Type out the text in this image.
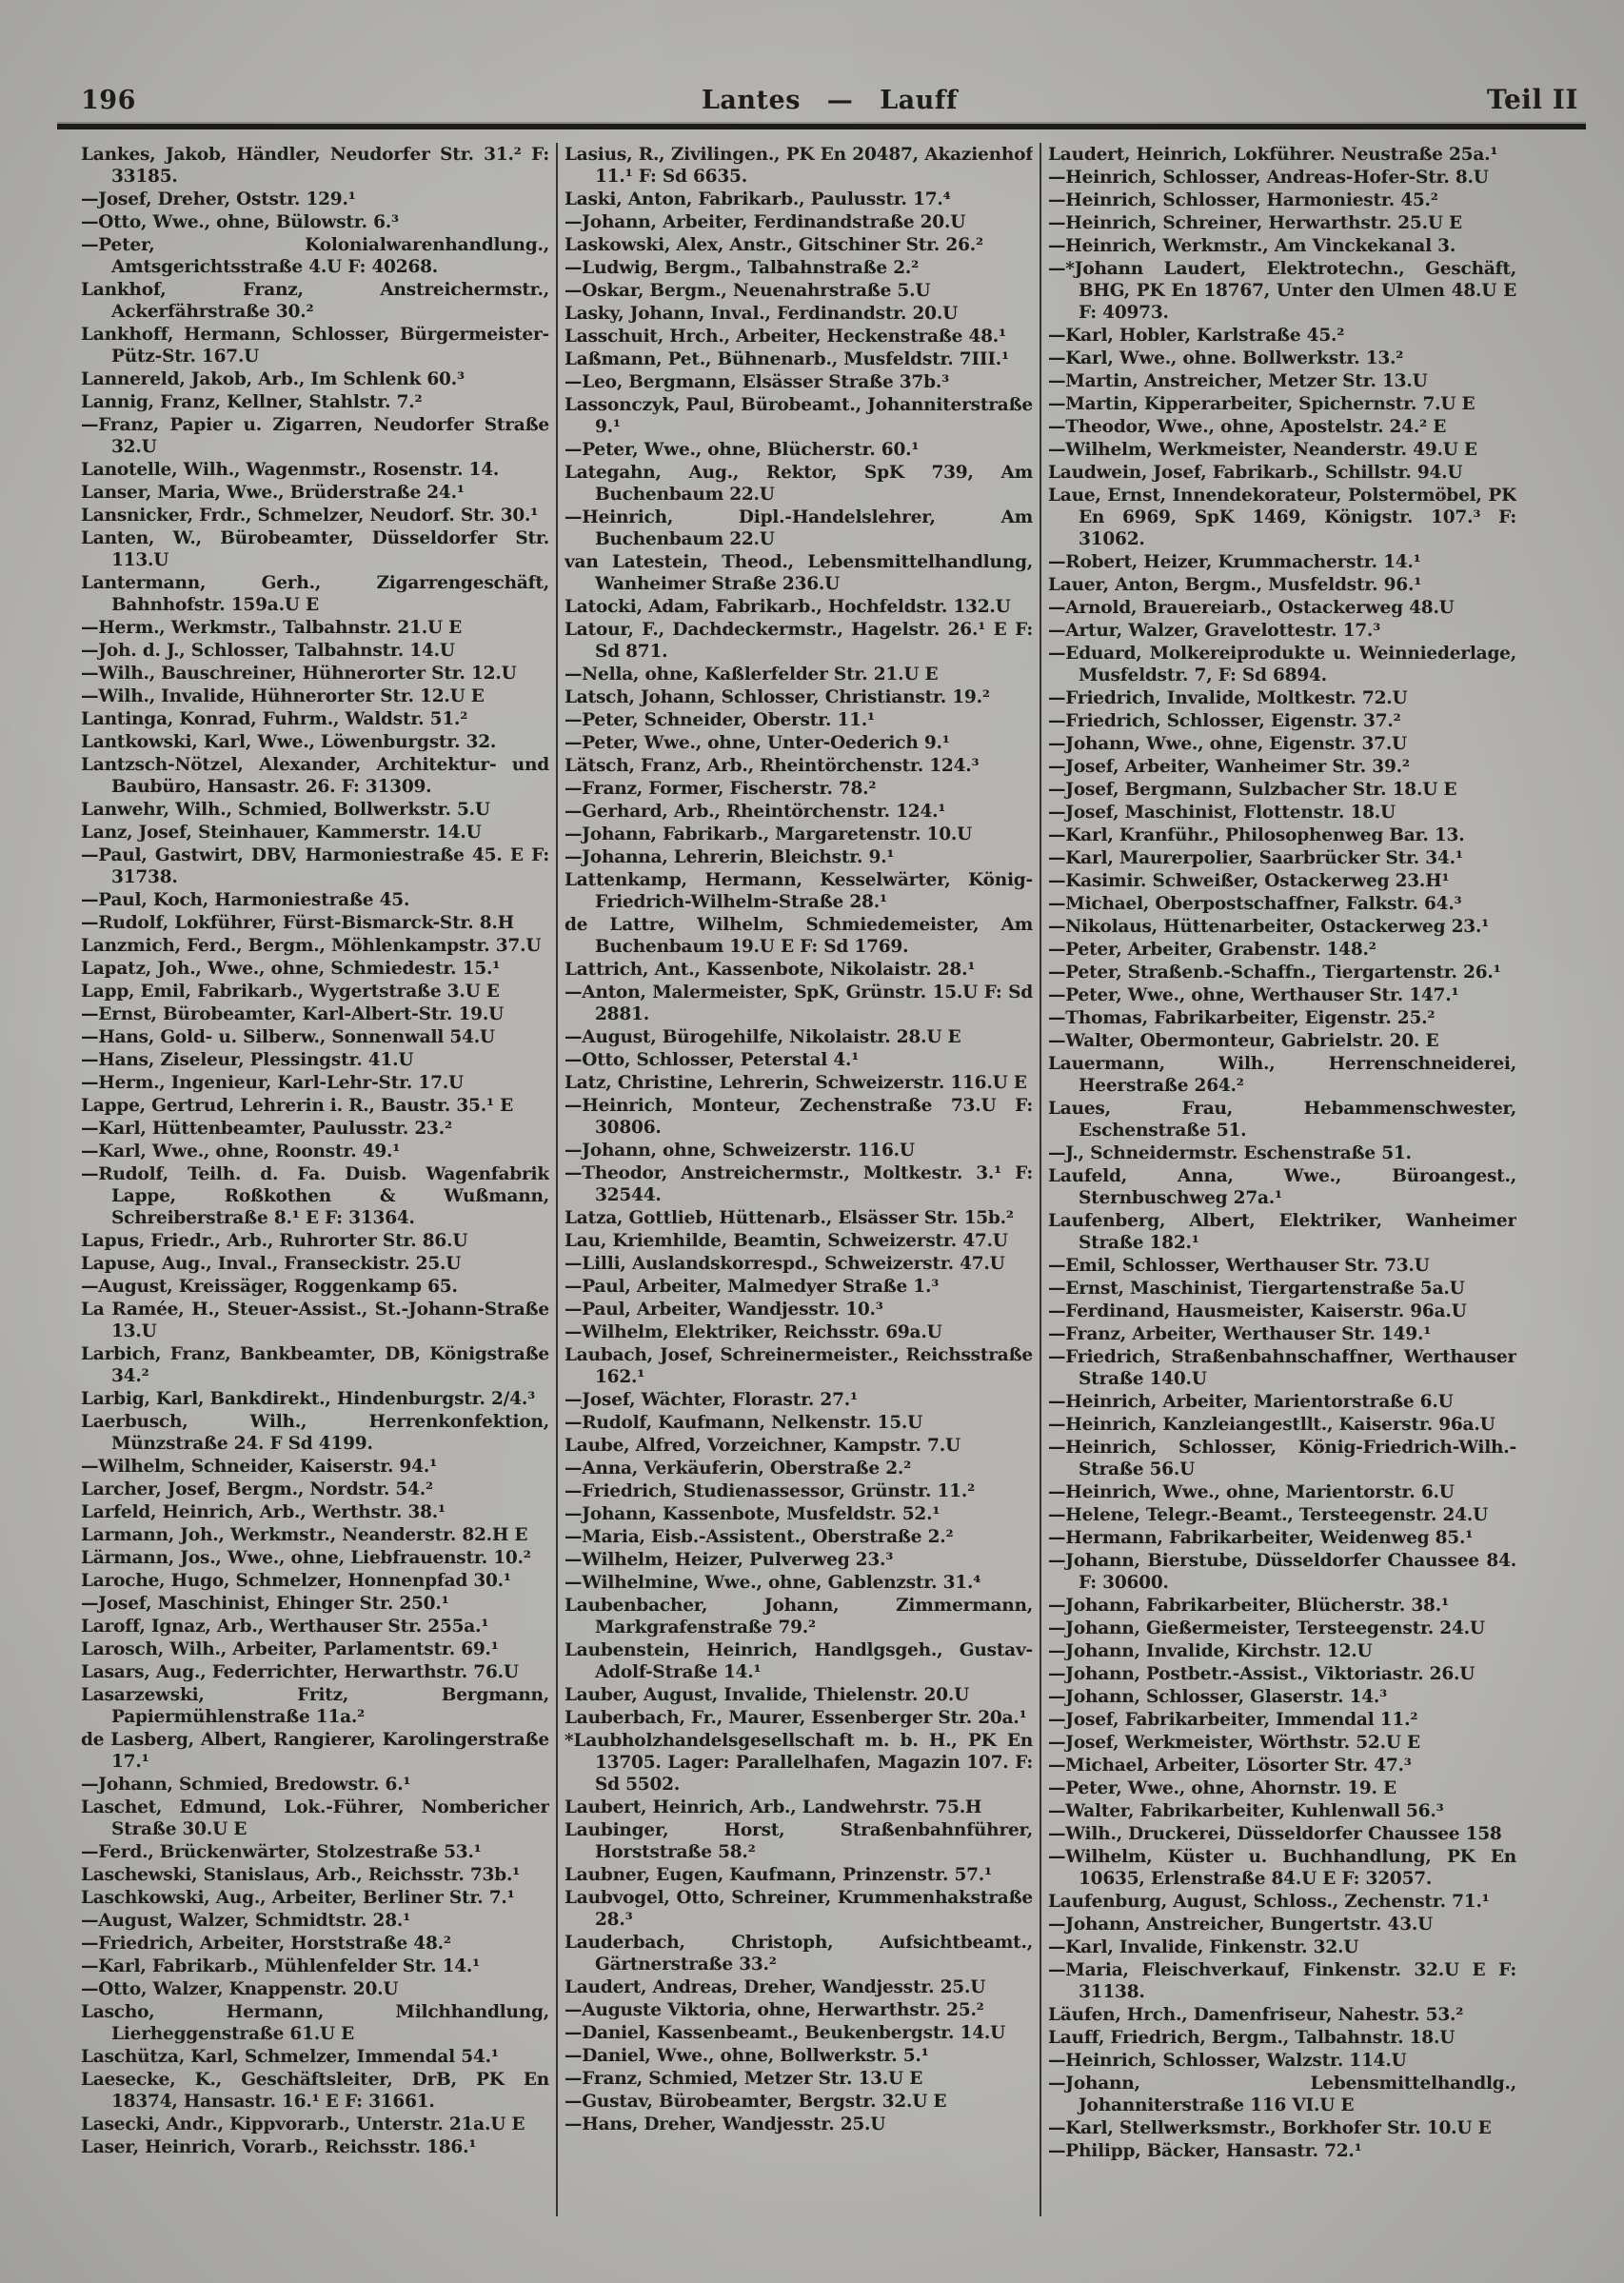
196	Lantes — Lauff	Teil II

Lankes, Jakob, Händler, Neudorfer Str. 31.² F: 33185.

—Josef, Dreher, Oststr. 129.¹

—Otto, Wwe., ohne, Bülowstr. 6.³

—Peter, Kolonialwarenhandlung., Amtsgerichtsstraße 4.U F: 40268.

Lankhof, Franz, Anstreichermstr., Ackerfährstraße 30.²

Lankhoff, Hermann, Schlosser, Bürgermeister-Pütz-Str. 167.U

Lannereld, Jakob, Arb., Im Schlenk 60.³

Lannig, Franz, Kellner, Stahlstr. 7.²

—Franz, Papier u. Zigarren, Neudorfer Straße 32.U

Lanotelle, Wilh., Wagenmstr., Rosenstr. 14.

Lanser, Maria, Wwe., Brüderstraße 24.¹

Lansnicker, Frdr., Schmelzer, Neudorf. Str. 30.¹

Lanten, W., Bürobeamter, Düsseldorfer Str. 113.U

Lantermann, Gerh., Zigarrengeschäft, Bahnhofstr. 159a.U E

—Herm., Werkmstr., Talbahnstr. 21.U E

—Joh. d. J., Schlosser, Talbahnstr. 14.U

—Wilh., Bauschreiner, Hühnerorter Str. 12.U

—Wilh., Invalide, Hühnerorter Str. 12.U E

Lantinga, Konrad, Fuhrm., Waldstr. 51.²

Lantkowski, Karl, Wwe., Löwenburgstr. 32.

Lantzsch-Nötzel, Alexander, Architektur- und Baubüro, Hansastr. 26. F: 31309.

Lanwehr, Wilh., Schmied, Bollwerkstr. 5.U

Lanz, Josef, Steinhauer, Kammerstr. 14.U

—Paul, Gastwirt, DBV, Harmoniestraße 45. E F: 31738.

—Paul, Koch, Harmoniestraße 45.

—Rudolf, Lokführer, Fürst-Bismarck-Str. 8.H

Lanzmich, Ferd., Bergm., Möhlenkampstr. 37.U

Lapatz, Joh., Wwe., ohne, Schmiedestr. 15.¹

Lapp, Emil, Fabrikarb., Wygertstraße 3.U E

—Ernst, Bürobeamter, Karl-Albert-Str. 19.U

—Hans, Gold- u. Silberw., Sonnenwall 54.U

—Hans, Ziseleur, Plessingstr. 41.U

—Herm., Ingenieur, Karl-Lehr-Str. 17.U

Lappe, Gertrud, Lehrerin i. R., Baustr. 35.¹ E

—Karl, Hüttenbeamter, Paulusstr. 23.²

—Karl, Wwe., ohne, Roonstr. 49.¹

—Rudolf, Teilh. d. Fa. Duisb. Wagenfabrik Lappe, Roßkothen & Wußmann, Schreiberstraße 8.¹ E F: 31364.

Lapus, Friedr., Arb., Ruhrorter Str. 86.U

Lapuse, Aug., Inval., Franseckistr. 25.U

—August, Kreissäger, Roggenkamp 65.

La Ramée, H., Steuer-Assist., St.-Johann-Straße 13.U

Larbich, Franz, Bankbeamter, DB, Königstraße 34.²

Larbig, Karl, Bankdirekt., Hindenburgstr. 2/4.³

Laerbusch, Wilh., Herrenkonfektion, Münzstraße 24. F Sd 4199.

—Wilhelm, Schneider, Kaiserstr. 94.¹

Larcher, Josef, Bergm., Nordstr. 54.²

Larfeld, Heinrich, Arb., Werthstr. 38.¹

Larmann, Joh., Werkmstr., Neanderstr. 82.H E

Lärmann, Jos., Wwe., ohne, Liebfrauenstr. 10.²

Laroche, Hugo, Schmelzer, Honnenpfad 30.¹

—Josef, Maschinist, Ehinger Str. 250.¹

Laroff, Ignaz, Arb., Werthauser Str. 255a.¹

Larosch, Wilh., Arbeiter, Parlamentstr. 69.¹

Lasars, Aug., Federrichter, Herwarthstr. 76.U

Lasarzewski, Fritz, Bergmann, Papiermühlenstraße 11a.²

de Lasberg, Albert, Rangierer, Karolingerstraße 17.¹

—Johann, Schmied, Bredowstr. 6.¹

Laschet, Edmund, Lok.-Führer, Nombericher Straße 30.U E

—Ferd., Brückenwärter, Stolzestraße 53.¹

Laschewski, Stanislaus, Arb., Reichsstr. 73b.¹

Laschkowski, Aug., Arbeiter, Berliner Str. 7.¹

—August, Walzer, Schmidtstr. 28.¹

—Friedrich, Arbeiter, Horststraße 48.²

—Karl, Fabrikarb., Mühlenfelder Str. 14.¹

—Otto, Walzer, Knappenstr. 20.U

Lascho, Hermann, Milchhandlung, Lierheggenstraße 61.U E

Laschütza, Karl, Schmelzer, Immendal 54.¹

Laesecke, K., Geschäftsleiter, DrB, PK En 18374, Hansastr. 16.¹ E F: 31661.

Lasecki, Andr., Kippvorarb., Unterstr. 21a.U E

Laser, Heinrich, Vorarb., Reichsstr. 186.¹

Lasius, R., Zivilingen., PK En 20487, Akazienhof 11.¹ F: Sd 6635.

Laski, Anton, Fabrikarb., Paulusstr. 17.⁴

—Johann, Arbeiter, Ferdinandstraße 20.U

Laskowski, Alex, Anstr., Gitschiner Str. 26.²

—Ludwig, Bergm., Talbahnstraße 2.²

—Oskar, Bergm., Neuenahrstraße 5.U

Lasky, Johann, Inval., Ferdinandstr. 20.U

Lasschuit, Hrch., Arbeiter, Heckenstraße 48.¹

Laßmann, Pet., Bühnenarb., Musfeldstr. 7III.¹

—Leo, Bergmann, Elsässer Straße 37b.³

Lassonczyk, Paul, Bürobeamt., Johanniterstraße 9.¹

—Peter, Wwe., ohne, Blücherstr. 60.¹

Lategahn, Aug., Rektor, SpK 739, Am Buchenbaum 22.U

—Heinrich, Dipl.-Handelslehrer, Am Buchenbaum 22.U

van Latestein, Theod., Lebensmittelhandlung, Wanheimer Straße 236.U

Latocki, Adam, Fabrikarb., Hochfeldstr. 132.U

Latour, F., Dachdeckermstr., Hagelstr. 26.¹ E F: Sd 871.

—Nella, ohne, Kaßlerfelder Str. 21.U E

Latsch, Johann, Schlosser, Christianstr. 19.²

—Peter, Schneider, Oberstr. 11.¹

—Peter, Wwe., ohne, Unter-Oederich 9.¹

Lätsch, Franz, Arb., Rheintörchenstr. 124.³

—Franz, Former, Fischerstr. 78.²

—Gerhard, Arb., Rheintörchenstr. 124.¹

—Johann, Fabrikarb., Margaretenstr. 10.U

—Johanna, Lehrerin, Bleichstr. 9.¹

Lattenkamp, Hermann, Kesselwärter, König-Friedrich-Wilhelm-Straße 28.¹

de Lattre, Wilhelm, Schmiedemeister, Am Buchenbaum 19.U E F: Sd 1769.

Lattrich, Ant., Kassenbote, Nikolaistr. 28.¹

—Anton, Malermeister, SpK, Grünstr. 15.U F: Sd 2881.

—August, Bürogehilfe, Nikolaistr. 28.U E

—Otto, Schlosser, Peterstal 4.¹

Latz, Christine, Lehrerin, Schweizerstr. 116.U E

—Heinrich, Monteur, Zechenstraße 73.U F: 30806.

—Johann, ohne, Schweizerstr. 116.U

—Theodor, Anstreichermstr., Moltkestr. 3.¹ F: 32544.

Latza, Gottlieb, Hüttenarb., Elsässer Str. 15b.²

Lau, Kriemhilde, Beamtin, Schweizerstr. 47.U

—Lilli, Auslandskorrespd., Schweizerstr. 47.U

—Paul, Arbeiter, Malmedyer Straße 1.³

—Paul, Arbeiter, Wandjesstr. 10.³

—Wilhelm, Elektriker, Reichsstr. 69a.U

Laubach, Josef, Schreinermeister., Reichsstraße 162.¹

—Josef, Wächter, Florastr. 27.¹

—Rudolf, Kaufmann, Nelkenstr. 15.U

Laube, Alfred, Vorzeichner, Kampstr. 7.U

—Anna, Verkäuferin, Oberstraße 2.²

—Friedrich, Studienassessor, Grünstr. 11.²

—Johann, Kassenbote, Musfeldstr. 52.¹

—Maria, Eisb.-Assistent., Oberstraße 2.²

—Wilhelm, Heizer, Pulverweg 23.³

—Wilhelmine, Wwe., ohne, Gablenzstr. 31.⁴

Laubenbacher, Johann, Zimmermann, Markgrafenstraße 79.²

Laubenstein, Heinrich, Handlgsgeh., Gustav-Adolf-Straße 14.¹

Lauber, August, Invalide, Thielenstr. 20.U

Lauberbach, Fr., Maurer, Essenberger Str. 20a.¹

*Laubholzhandelsgesellschaft m. b. H., PK En 13705. Lager: Parallelhafen, Magazin 107. F: Sd 5502.

Laubert, Heinrich, Arb., Landwehrstr. 75.H

Laubinger, Horst, Straßenbahnführer, Horststraße 58.²

Laubner, Eugen, Kaufmann, Prinzenstr. 57.¹

Laubvogel, Otto, Schreiner, Krummenhakstraße 28.³

Lauderbach, Christoph, Aufsichtbeamt., Gärtnerstraße 33.²

Laudert, Andreas, Dreher, Wandjesstr. 25.U

—Auguste Viktoria, ohne, Herwarthstr. 25.²

—Daniel, Kassenbeamt., Beukenbergstr. 14.U

—Daniel, Wwe., ohne, Bollwerkstr. 5.¹

—Franz, Schmied, Metzer Str. 13.U E

—Gustav, Bürobeamter, Bergstr. 32.U E

—Hans, Dreher, Wandjesstr. 25.U

Laudert, Heinrich, Lokführer. Neustraße 25a.¹

—Heinrich, Schlosser, Andreas-Hofer-Str. 8.U

—Heinrich, Schlosser, Harmoniestr. 45.²

—Heinrich, Schreiner, Herwarthstr. 25.U E

—Heinrich, Werkmstr., Am Vinckekanal 3.

—*Johann Laudert, Elektrotechn., Geschäft, BHG, PK En 18767, Unter den Ulmen 48.U E F: 40973.

—Karl, Hobler, Karlstraße 45.²

—Karl, Wwe., ohne. Bollwerkstr. 13.²

—Martin, Anstreicher, Metzer Str. 13.U

—Martin, Kipperarbeiter, Spichernstr. 7.U E

—Theodor, Wwe., ohne, Apostelstr. 24.² E

—Wilhelm, Werkmeister, Neanderstr. 49.U E

Laudwein, Josef, Fabrikarb., Schillstr. 94.U

Laue, Ernst, Innendekorateur, Polstermöbel, PK En 6969, SpK 1469, Königstr. 107.³ F: 31062.

—Robert, Heizer, Krummacherstr. 14.¹

Lauer, Anton, Bergm., Musfeldstr. 96.¹

—Arnold, Brauereiarb., Ostackerweg 48.U

—Artur, Walzer, Gravelottestr. 17.³

—Eduard, Molkereiprodukte u. Weinniederlage, Musfeldstr. 7, F: Sd 6894.

—Friedrich, Invalide, Moltkestr. 72.U

—Friedrich, Schlosser, Eigenstr. 37.²

—Johann, Wwe., ohne, Eigenstr. 37.U

—Josef, Arbeiter, Wanheimer Str. 39.²

—Josef, Bergmann, Sulzbacher Str. 18.U E

—Josef, Maschinist, Flottenstr. 18.U

—Karl, Kranführ., Philosophenweg Bar. 13.

—Karl, Maurerpolier, Saarbrücker Str. 34.¹

—Kasimir. Schweißer, Ostackerweg 23.H¹

—Michael, Oberpostschaffner, Falkstr. 64.³

—Nikolaus, Hüttenarbeiter, Ostackerweg 23.¹

—Peter, Arbeiter, Grabenstr. 148.²

—Peter, Straßenb.-Schaffn., Tiergartenstr. 26.¹

—Peter, Wwe., ohne, Werthauser Str. 147.¹

—Thomas, Fabrikarbeiter, Eigenstr. 25.²

—Walter, Obermonteur, Gabrielstr. 20. E

Lauermann, Wilh., Herrenschneiderei, Heerstraße 264.²

Laues, Frau, Hebammenschwester, Eschenstraße 51.

—J., Schneidermstr. Eschenstraße 51.

Laufeld, Anna, Wwe., Büroangest., Sternbuschweg 27a.¹

Laufenberg, Albert, Elektriker, Wanheimer Straße 182.¹

—Emil, Schlosser, Werthauser Str. 73.U

—Ernst, Maschinist, Tiergartenstraße 5a.U

—Ferdinand, Hausmeister, Kaiserstr. 96a.U

—Franz, Arbeiter, Werthauser Str. 149.¹

—Friedrich, Straßenbahnschaffner, Werthauser Straße 140.U

—Heinrich, Arbeiter, Marientorstraße 6.U

—Heinrich, Kanzleiangestllt., Kaiserstr. 96a.U

—Heinrich, Schlosser, König-Friedrich-Wilh.-Straße 56.U

—Heinrich, Wwe., ohne, Marientorstr. 6.U

—Helene, Telegr.-Beamt., Tersteegenstr. 24.U

—Hermann, Fabrikarbeiter, Weidenweg 85.¹

—Johann, Bierstube, Düsseldorfer Chaussee 84. F: 30600.

—Johann, Fabrikarbeiter, Blücherstr. 38.¹

—Johann, Gießermeister, Tersteegenstr. 24.U

—Johann, Invalide, Kirchstr. 12.U

—Johann, Postbetr.-Assist., Viktoriastr. 26.U

—Johann, Schlosser, Glaserstr. 14.³

—Josef, Fabrikarbeiter, Immendal 11.²

—Josef, Werkmeister, Wörthstr. 52.U E

—Michael, Arbeiter, Lösorter Str. 47.³

—Peter, Wwe., ohne, Ahornstr. 19. E

—Walter, Fabrikarbeiter, Kuhlenwall 56.³

—Wilh., Druckerei, Düsseldorfer Chaussee 158

—Wilhelm, Küster u. Buchhandlung, PK En 10635, Erlenstraße 84.U E F: 32057.

Laufenburg, August, Schloss., Zechenstr. 71.¹

—Johann, Anstreicher, Bungertstr. 43.U

—Karl, Invalide, Finkenstr. 32.U

—Maria, Fleischverkauf, Finkenstr. 32.U E F: 31138.

Läufen, Hrch., Damenfriseur, Nahestr. 53.²

Lauff, Friedrich, Bergm., Talbahnstr. 18.U

—Heinrich, Schlosser, Walzstr. 114.U

—Johann, Lebensmittelhandlg., Johanniterstraße 116 VI.U E

—Karl, Stellwerksmstr., Borkhofer Str. 10.U E

—Philipp, Bäcker, Hansastr. 72.¹
